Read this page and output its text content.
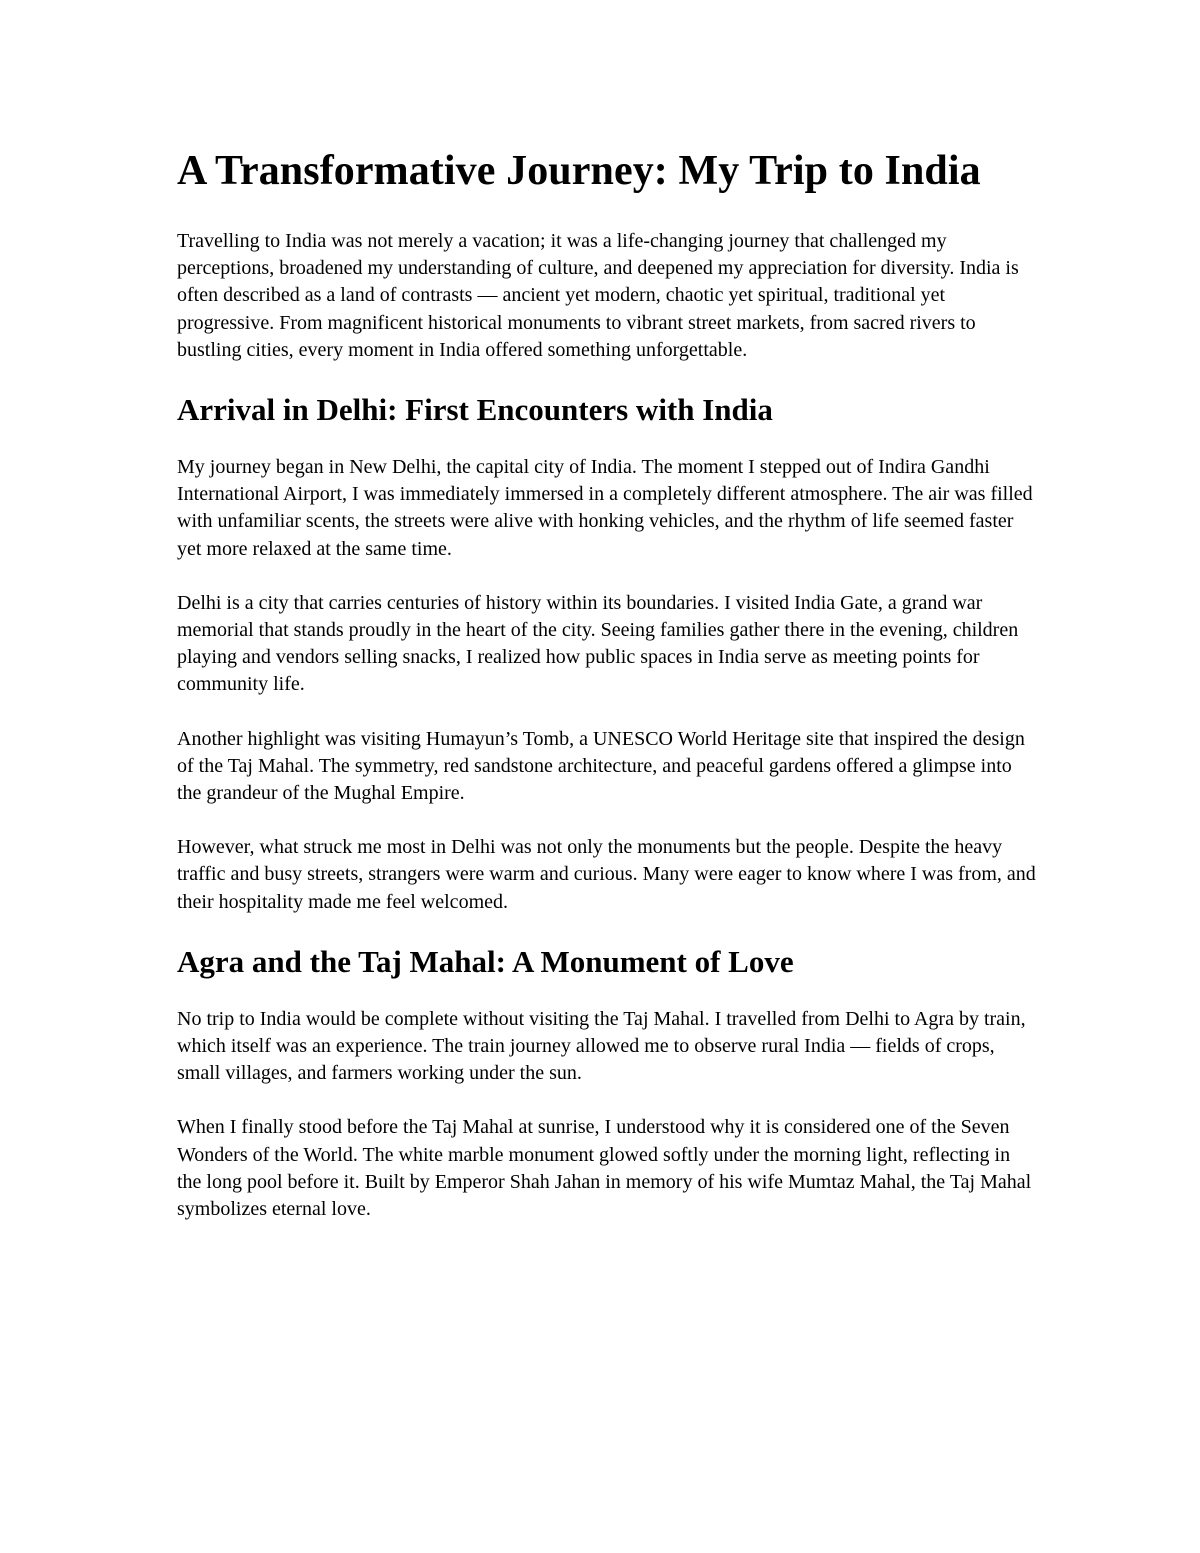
A Transformative Journey: My Trip to India

Travelling to India was not merely a vacation; it was a life-changing journey that challenged my perceptions, broadened my understanding of culture, and deepened my appreciation for diversity. India is often described as a land of contrasts — ancient yet modern, chaotic yet spiritual, traditional yet progressive. From magnificent historical monuments to vibrant street markets, from sacred rivers to bustling cities, every moment in India offered something unforgettable.

Arrival in Delhi: First Encounters with India

My journey began in New Delhi, the capital city of India. The moment I stepped out of Indira Gandhi International Airport, I was immediately immersed in a completely different atmosphere. The air was filled with unfamiliar scents, the streets were alive with honking vehicles, and the rhythm of life seemed faster yet more relaxed at the same time.

Delhi is a city that carries centuries of history within its boundaries. I visited India Gate, a grand war memorial that stands proudly in the heart of the city. Seeing families gather there in the evening, children playing and vendors selling snacks, I realized how public spaces in India serve as meeting points for community life.

Another highlight was visiting Humayun’s Tomb, a UNESCO World Heritage site that inspired the design of the Taj Mahal. The symmetry, red sandstone architecture, and peaceful gardens offered a glimpse into the grandeur of the Mughal Empire.

However, what struck me most in Delhi was not only the monuments but the people. Despite the heavy traffic and busy streets, strangers were warm and curious. Many were eager to know where I was from, and their hospitality made me feel welcomed.

Agra and the Taj Mahal: A Monument of Love

No trip to India would be complete without visiting the Taj Mahal. I travelled from Delhi to Agra by train, which itself was an experience. The train journey allowed me to observe rural India — fields of crops, small villages, and farmers working under the sun.

When I finally stood before the Taj Mahal at sunrise, I understood why it is considered one of the Seven Wonders of the World. The white marble monument glowed softly under the morning light, reflecting in the long pool before it. Built by Emperor Shah Jahan in memory of his wife Mumtaz Mahal, the Taj Mahal symbolizes eternal love.
